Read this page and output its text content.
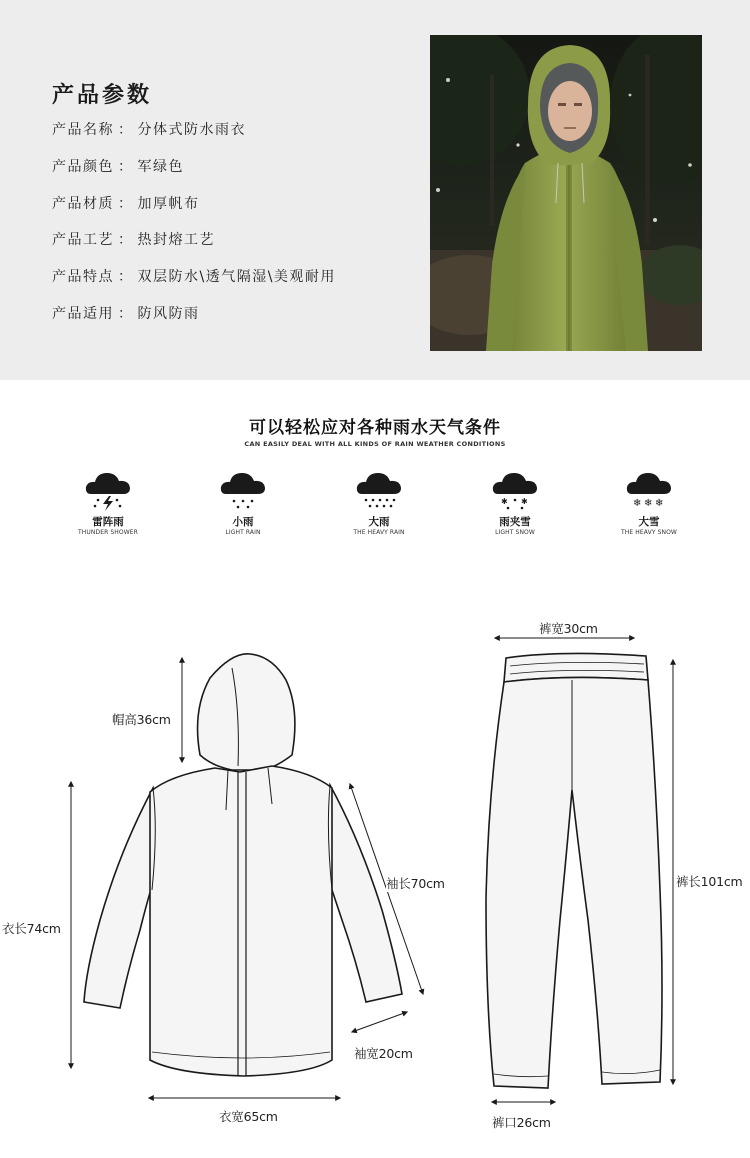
产品参数
产品名称 ： 分体式防水雨衣
产品颜色 ： 军绿色
产品材质 ： 加厚帆布
产品工艺 ： 热封熔工艺
产品特点 ： 双层防水\透气隔湿\美观耐用
产品适用 ： 防风防雨
可以轻松应对各种雨水天气条件
CAN EASILY DEAL WITH ALL KINDS OF RAIN WEATHER CONDITIONS
雷阵雨
THUNDER SHOWER
小雨
LIGHT RAIN
大雨
THE HEAVY RAIN
✱ ✱
雨夹雪
LIGHT SNOW
❄ ❄ ❄
大雪
THE HEAVY SNOW
帽高36cm
衣长74cm
袖长70cm
袖宽20cm
衣宽65cm
裤宽30cm
裤长101cm
裤口26cm
